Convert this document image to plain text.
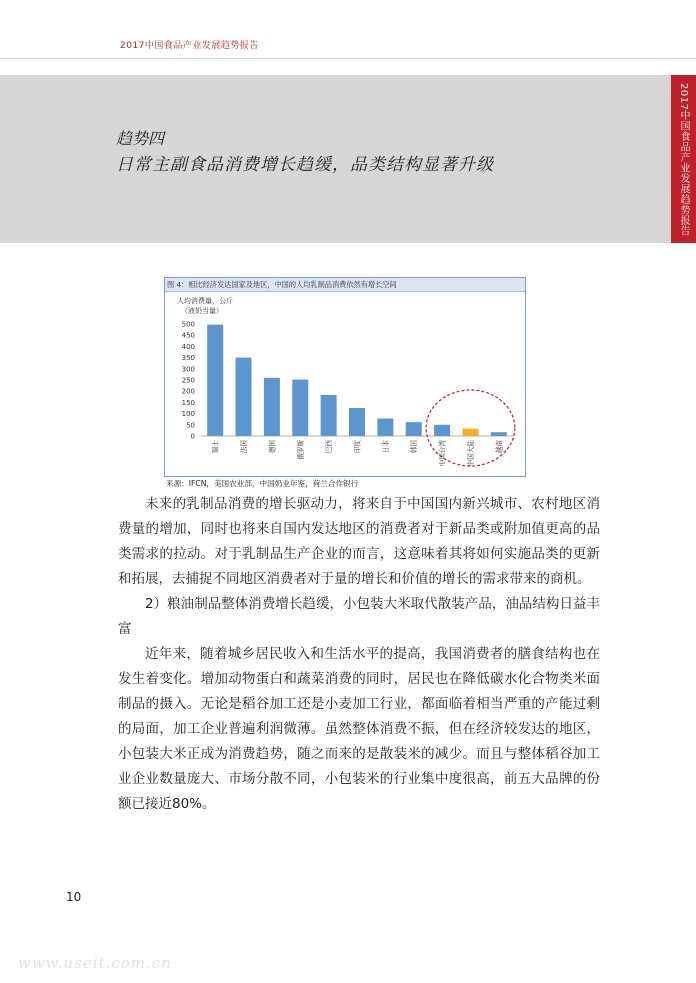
2017中国食品产业发展趋势报告
趋势四
日常主副食品消费增长趋缓，品类结构显著升级	2017中国食品产业发展趋势报告
图 4：相比经济发达国家及地区，中国的人均乳制品消费依然有增长空间
人均消费量，公斤
（液奶当量）
0
50
100
150
200
250
300
350
400
450
500
瑞士	法国	德国	俄罗斯	巴西	印度	日本	韩国	中国台湾	中国大陆	越南
来源：IFCN，美国农业部，中国奶业年鉴，荷兰合作银行

未来的乳制品消费的增长驱动力，将来自于中国国内新兴城市、农村地区消费量的增加，同时也将来自国内发达地区的消费者对于新品类或附加值更高的品类需求的拉动。对于乳制品生产企业的而言，这意味着其将如何实施品类的更新和拓展，去捕捉不同地区消费者对于量的增长和价值的增长的需求带来的商机。

2）粮油制品整体消费增长趋缓，小包装大米取代散装产品，油品结构日益丰富

近年来，随着城乡居民收入和生活水平的提高，我国消费者的膳食结构也在发生着变化。增加动物蛋白和蔬菜消费的同时，居民也在降低碳水化合物类米面制品的摄入。无论是稻谷加工还是小麦加工行业，都面临着相当严重的产能过剩的局面，加工企业普遍利润微薄。虽然整体消费不振，但在经济较发达的地区，小包装大米正成为消费趋势，随之而来的是散装米的减少。而且与整体稻谷加工业企业数量庞大、市场分散不同，小包装米的行业集中度很高，前五大品牌的份额已接近80%。

10
www.useit.com.cn
